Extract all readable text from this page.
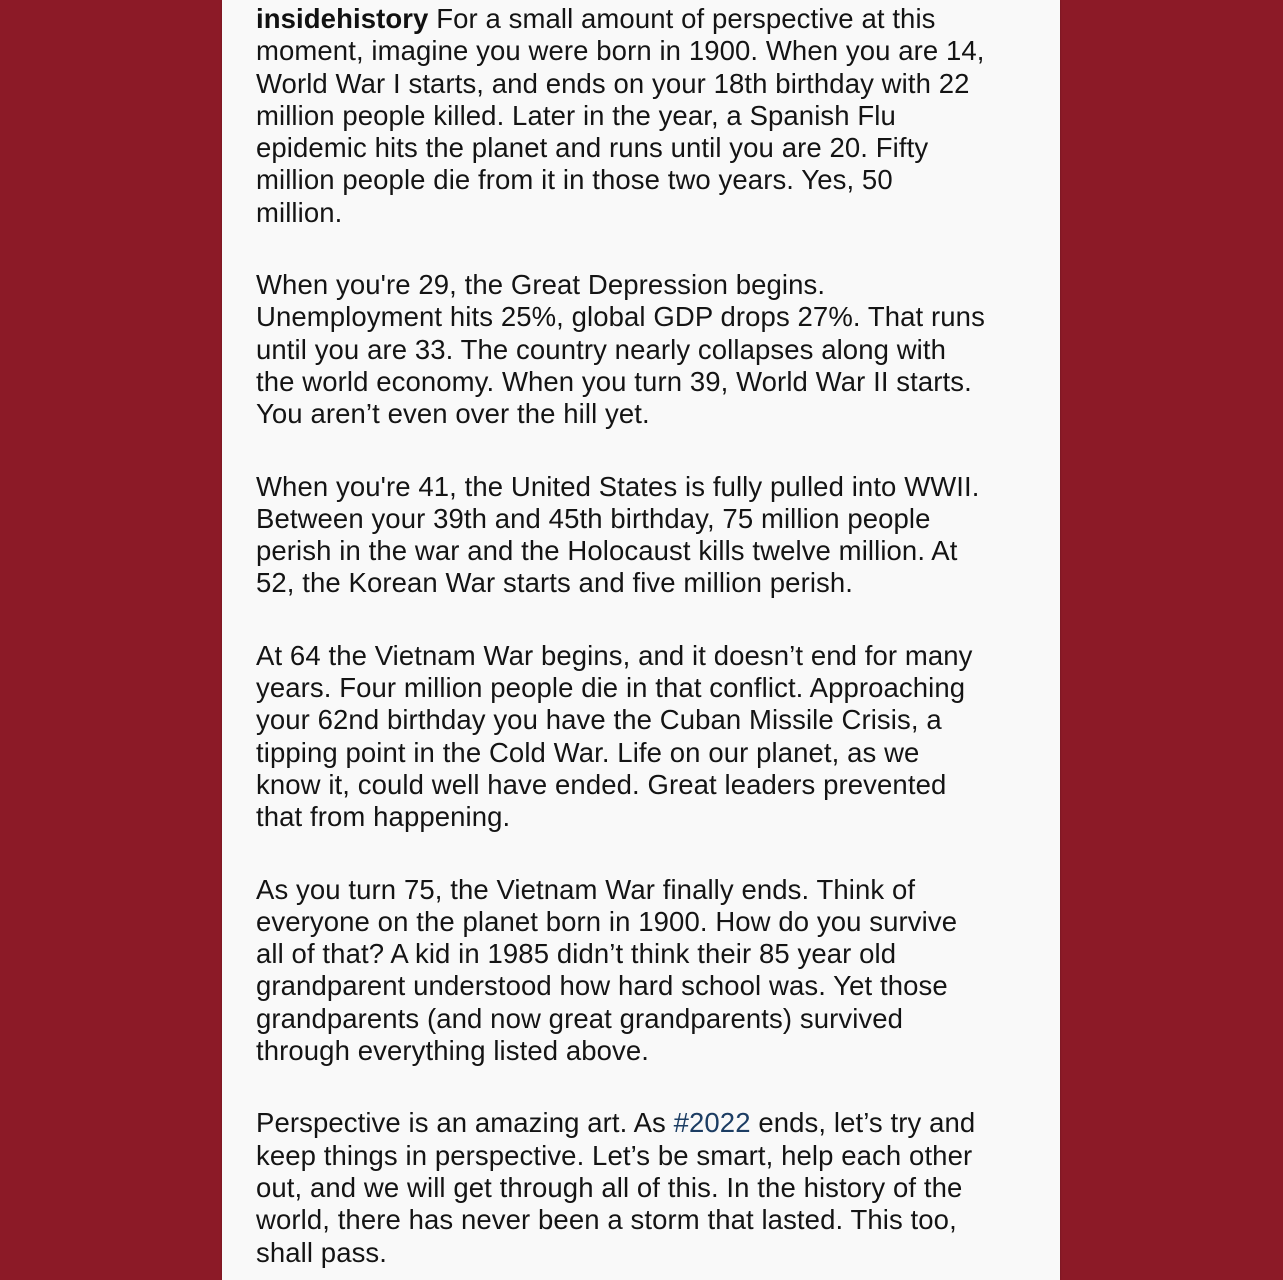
insidehistory For a small amount of perspective at this
moment, imagine you were born in 1900. When you are 14,
World War I starts, and ends on your 18th birthday with 22
million people killed. Later in the year, a Spanish Flu
epidemic hits the planet and runs until you are 20. Fifty
million people die from it in those two years. Yes, 50
million.

When you're 29, the Great Depression begins.
Unemployment hits 25%, global GDP drops 27%. That runs
until you are 33. The country nearly collapses along with
the world economy. When you turn 39, World War II starts.
You aren’t even over the hill yet.

When you're 41, the United States is fully pulled into WWII.
Between your 39th and 45th birthday, 75 million people
perish in the war and the Holocaust kills twelve million. At
52, the Korean War starts and five million perish.

At 64 the Vietnam War begins, and it doesn’t end for many
years. Four million people die in that conflict. Approaching
your 62nd birthday you have the Cuban Missile Crisis, a
tipping point in the Cold War. Life on our planet, as we
know it, could well have ended. Great leaders prevented
that from happening.

As you turn 75, the Vietnam War finally ends. Think of
everyone on the planet born in 1900. How do you survive
all of that? A kid in 1985 didn’t think their 85 year old
grandparent understood how hard school was. Yet those
grandparents (and now great grandparents) survived
through everything listed above.

Perspective is an amazing art. As #2022 ends, let’s try and
keep things in perspective. Let’s be smart, help each other
out, and we will get through all of this. In the history of the
world, there has never been a storm that lasted. This too,
shall pass.
